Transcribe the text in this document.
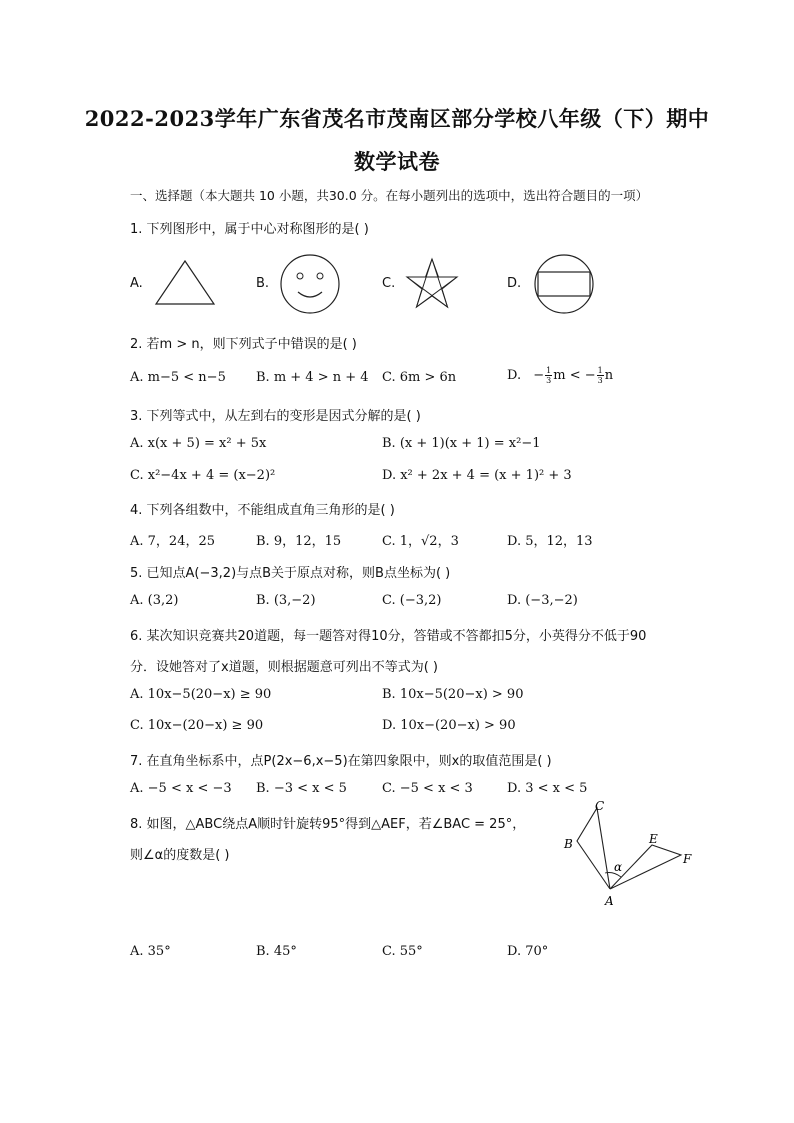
2022-2023学年广东省茂名市茂南区部分学校八年级（下）期中
数学试卷
一、选择题（本大题共 10 小题，共30.0 分。在每小题列出的选项中，选出符合题目的一项）
1. 下列图形中，属于中心对称图形的是( )
A.	B.	C.	D.
2. 若m > n，则下列式子中错误的是( )
A. m−5 < n−5 B. m + 4 > n + 4 C. 6m > 6n	D. − $\frac{1}{3}$ m < − $\frac{1}{3}$ n
3. 下列等式中，从左到右的变形是因式分解的是( )
A. x(x + 5) = x² + 5x	B. (x + 1)(x + 1) = x²−1
C. x²−4x + 4 = (x−2)²	D. x² + 2x + 4 = (x + 1)² + 3
4. 下列各组数中，不能组成直角三角形的是( )
A. 7，24，25	B. 9，12，15	C. 1，√2，3	D. 5，12，13
5. 已知点A(−3,2)与点B关于原点对称，则B点坐标为( )
A. (3,2)	B. (3,−2)	C. (−3,2)	D. (−3,−2)
6. 某次知识竞赛共20道题，每一题答对得10分，答错或不答都扣5分，小英得分不低于90
分．设她答对了x道题，则根据题意可列出不等式为( )
A. 10x−5(20−x) ≥ 90	B. 10x−5(20−x) > 90
C. 10x−(20−x) ≥ 90	D. 10x−(20−x) > 90
7. 在直角坐标系中，点P(2x−6,x−5)在第四象限中，则x的取值范围是( )
A. −5 < x < −3 B. −3 < x < 5	C. −5 < x < 3	D. 3 < x < 5
8. 如图，△ABC绕点A顺时针旋转95°得到△AEF，若∠BAC = 25°，
则∠α的度数是( )
C
B	E
F
α
A
A. 35°	B. 45°	C. 55°	D. 70°
